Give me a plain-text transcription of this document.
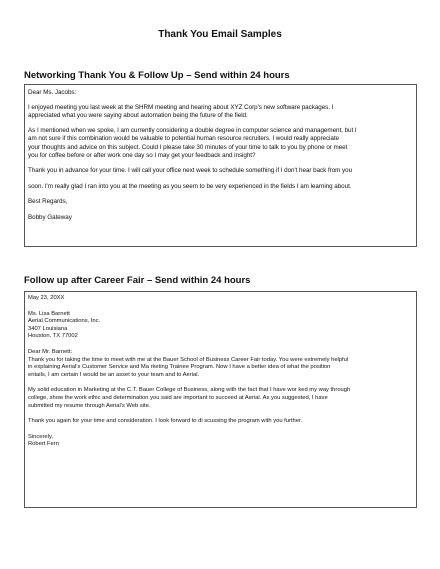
Thank You Email Samples
Networking Thank You & Follow Up – Send within 24 hours
Dear Ms. Jacobs:
I enjoyed meeting you last week at the SHRM meeting and hearing about XYZ Corp's new software packages. I
appreciated what you were saying about automation being the future of the field.
As I mentioned when we spoke, I am currently considering a double degree in computer science and management, but I
am not sure if this combination would be valuable to potential human resource recruiters. I would really appreciate
your thoughts and advice on this subject. Could I please take 30 minutes of your time to talk to you by phone or meet
you for coffee before or after work one day so I may get your feedback and insight?
Thank you in advance for your time. I will call your office next week to schedule something if I don't hear back from you
soon. I'm really glad I ran into you at the meeting as you seem to be very experienced in the fields I am learning about.
Best Regards,
Bobby Gateway
Follow up after Career Fair – Send within 24 hours
May 23, 20XX
Ms. Lisa Barnett
Aerial Communications, Inc.
3407 Louisiana
Houston, TX 77002
Dear Mr. Barnett:
Thank you for taking the time to meet with me at the Bauer School of Business Career Fair today. You were extremely helpful
in explaining Aerial's Customer Service and Ma rketing Trainee Program. Now I have a better idea of what the position
entails, I am certain I would be an asset to your team and to Aerial.
My solid education in Marketing at the C.T. Bauer College of Business, along with the fact that I have wor ked my way through
college, show the work ethic and determination you said are important to succeed at Aerial. As you suggested, I have
submitted my resume through Aerial's Web site.
Thank you again for your time and consideration. I look forward to di scussing the program with you further.
Sincerely,
Robert Fern
